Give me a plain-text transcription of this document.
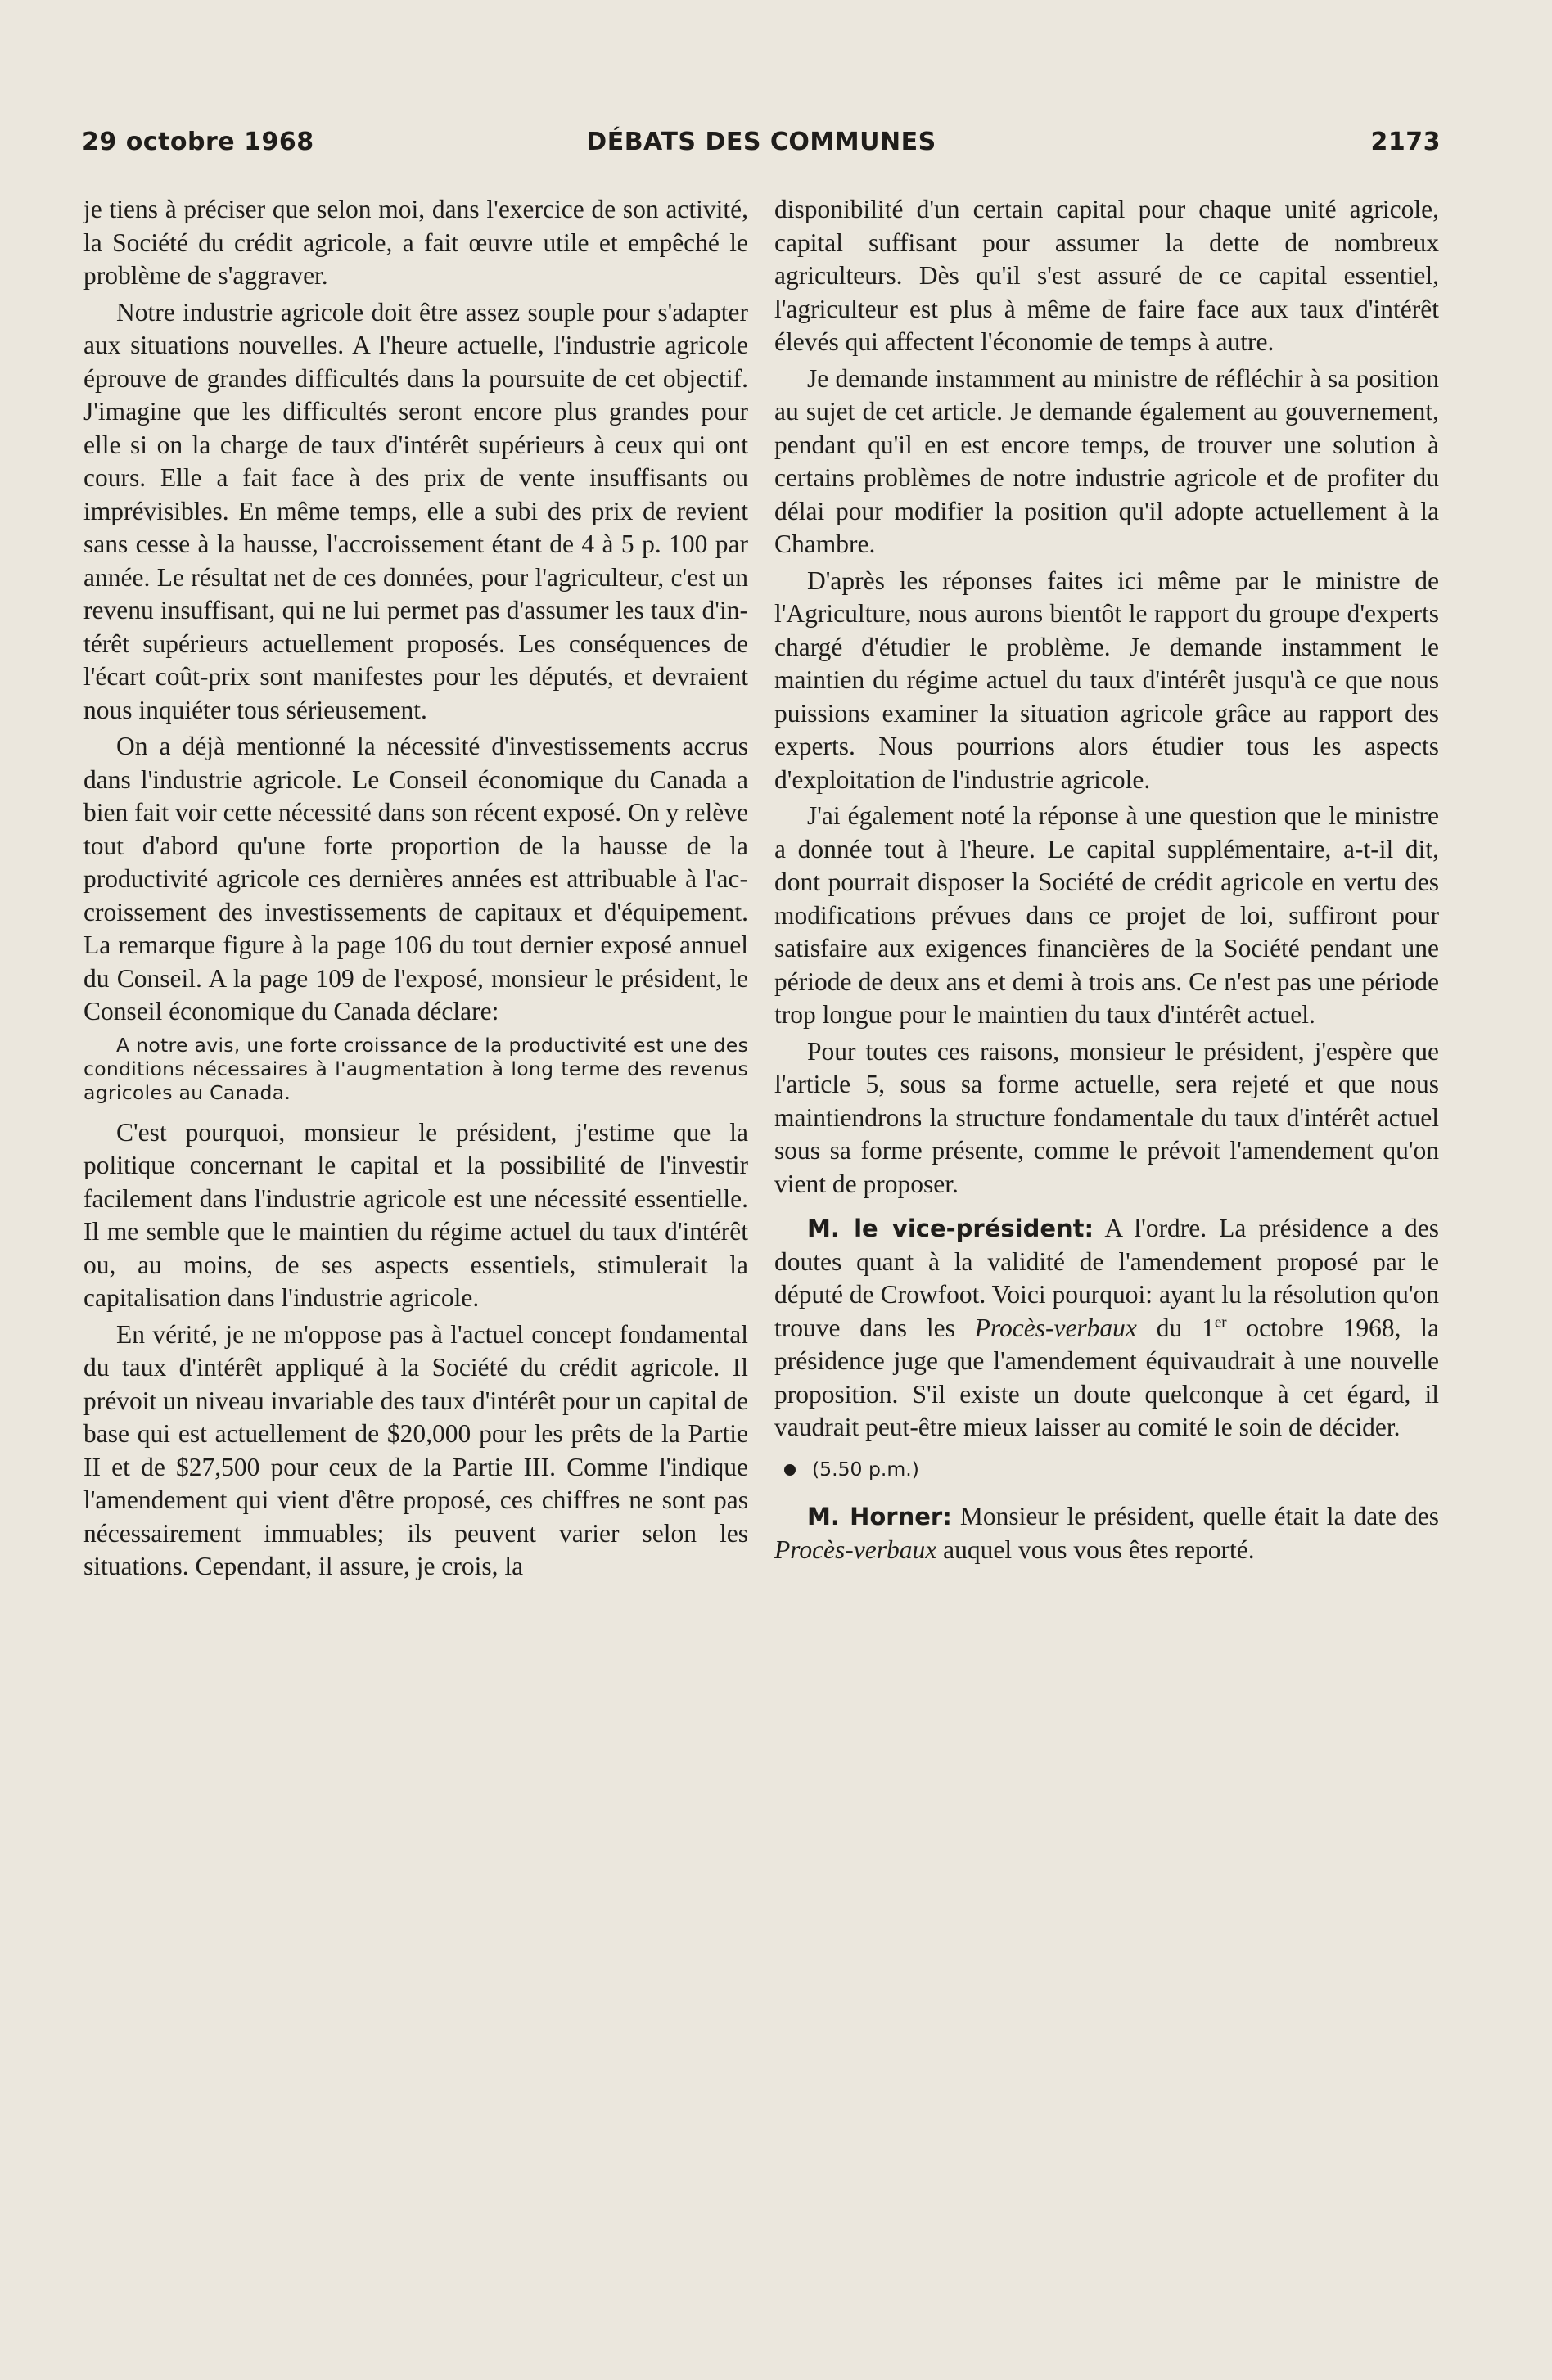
29 octobre 1968	DÉBATS DES COMMUNES	2173

je tiens à préciser que selon moi, dans l'exercice de son activité, la Société du crédit agricole, a fait œuvre utile et empêché le problème de s'aggraver.

Notre industrie agricole doit être assez souple pour s'adapter aux situations nouvelles. A l'heure actuelle, l'industrie agricole éprouve de grandes difficultés dans la poursuite de cet objectif. J'imagine que les difficultés seront encore plus grandes pour elle si on la charge de taux d'intérêt supérieurs à ceux qui ont cours. Elle a fait face à des prix de vente insuffisants ou imprévisibles. En même temps, elle a subi des prix de revient sans cesse à la hausse, l'accroissement étant de 4 à 5 p. 100 par année. Le résultat net de ces données, pour l'agriculteur, c'est un revenu insuffisant, qui ne lui permet pas d'assumer les taux d'intérêt supérieurs actuellement proposés. Les conséquences de l'écart coût-prix sont manifestes pour les députés, et devraient nous inquiéter tous sérieusement.

On a déjà mentionné la nécessité d'investissements accrus dans l'industrie agricole. Le Conseil économique du Canada a bien fait voir cette nécessité dans son récent exposé. On y relève tout d'abord qu'une forte proportion de la hausse de la productivité agricole ces dernières années est attribuable à l'accroissement des investissements de capitaux et d'équipement. La remarque figure à la page 106 du tout dernier exposé annuel du Conseil. A la page 109 de l'exposé, monsieur le président, le Conseil économique du Canada déclare:

A notre avis, une forte croissance de la productivité est une des conditions nécessaires à l'augmentation à long terme des revenus agricoles au Canada.

C'est pourquoi, monsieur le président, j'estime que la politique concernant le capital et la possibilité de l'investir facilement dans l'industrie agricole est une nécessité essentielle. Il me semble que le maintien du régime actuel du taux d'intérêt ou, au moins, de ses aspects essentiels, stimulerait la capitalisation dans l'industrie agricole.

En vérité, je ne m'oppose pas à l'actuel concept fondamental du taux d'intérêt appliqué à la Société du crédit agricole. Il prévoit un niveau invariable des taux d'intérêt pour un capital de base qui est actuellement de $20,000 pour les prêts de la Partie II et de $27,500 pour ceux de la Partie III. Comme l'indique l'amendement qui vient d'être proposé, ces chiffres ne sont pas nécessairement immuables; ils peuvent varier selon les situations. Cependant, il assure, je crois, la

disponibilité d'un certain capital pour chaque unité agricole, capital suffisant pour assumer la dette de nombreux agriculteurs. Dès qu'il s'est assuré de ce capital essentiel, l'agriculteur est plus à même de faire face aux taux d'intérêt élevés qui affectent l'économie de temps à autre.

Je demande instamment au ministre de réfléchir à sa position au sujet de cet article. Je demande également au gouvernement, pendant qu'il en est encore temps, de trouver une solution à certains problèmes de notre industrie agricole et de profiter du délai pour modifier la position qu'il adopte actuellement à la Chambre.

D'après les réponses faites ici même par le ministre de l'Agriculture, nous aurons bientôt le rapport du groupe d'experts chargé d'étudier le problème. Je demande instamment le maintien du régime actuel du taux d'intérêt jusqu'à ce que nous puissions examiner la situation agricole grâce au rapport des experts. Nous pourrions alors étudier tous les aspects d'exploitation de l'industrie agricole.

J'ai également noté la réponse à une question que le ministre a donnée tout à l'heure. Le capital supplémentaire, a-t-il dit, dont pourrait disposer la Société de crédit agricole en vertu des modifications prévues dans ce projet de loi, suffiront pour satisfaire aux exigences financières de la Société pendant une période de deux ans et demi à trois ans. Ce n'est pas une période trop longue pour le maintien du taux d'intérêt actuel.

Pour toutes ces raisons, monsieur le président, j'espère que l'article 5, sous sa forme actuelle, sera rejeté et que nous maintiendrons la structure fondamentale du taux d'intérêt actuel sous sa forme présente, comme le prévoit l'amendement qu'on vient de proposer.

M. le vice-président: A l'ordre. La présidence a des doutes quant à la validité de l'amendement proposé par le député de Crowfoot. Voici pourquoi: ayant lu la résolution qu'on trouve dans les Procès-verbaux du 1er octobre 1968, la présidence juge que l'amendement équivaudrait à une nouvelle proposition. S'il existe un doute quelconque à cet égard, il vaudrait peut-être mieux laisser au comité le soin de décider.

(5.50 p.m.)

M. Horner: Monsieur le président, quelle était la date des Procès-verbaux auquel vous vous êtes reporté.
